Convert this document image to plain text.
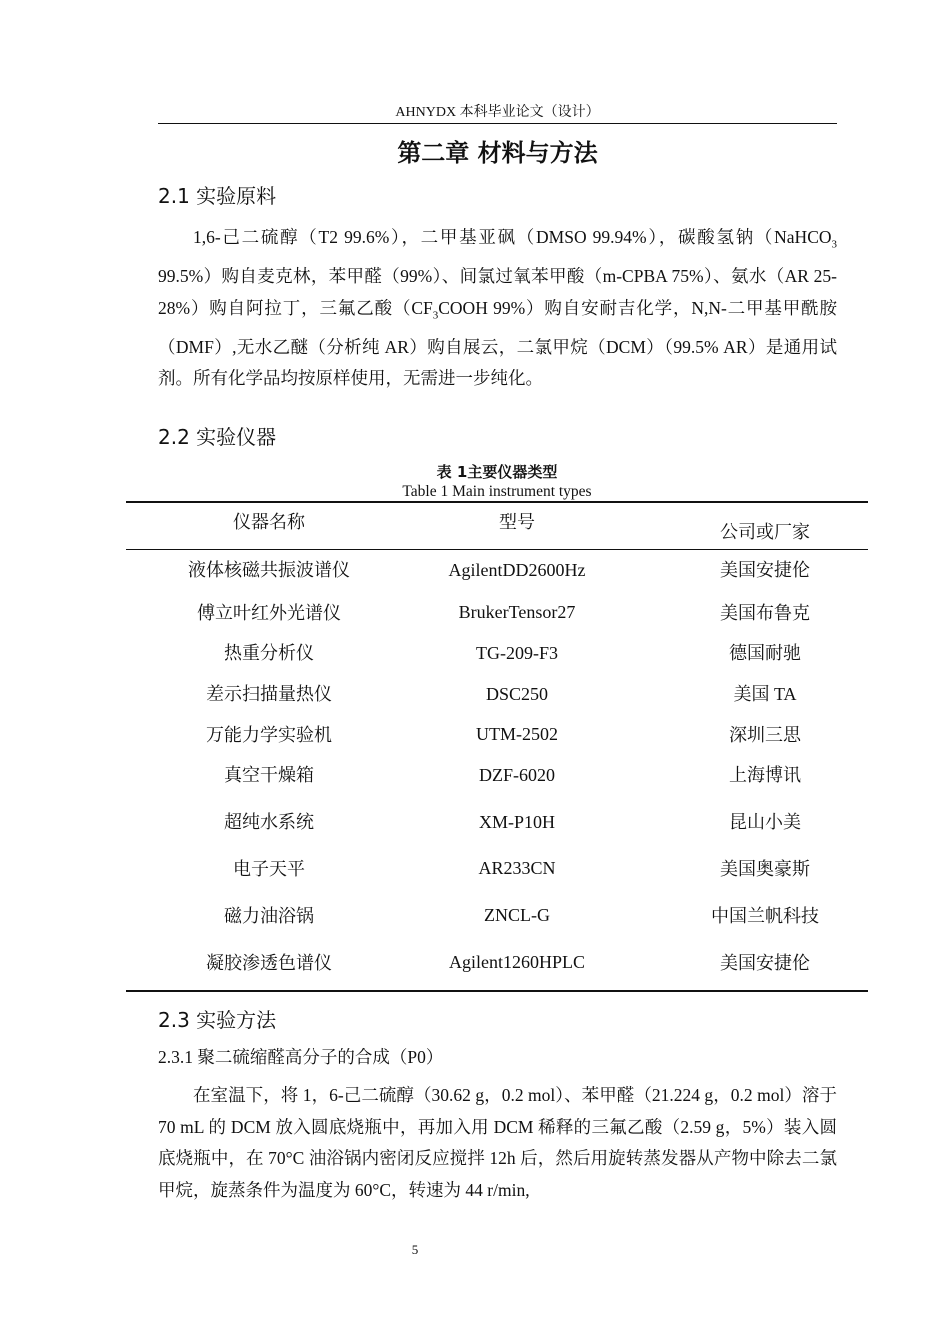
AHNYDX 本科毕业论文（设计）
第二章 材料与方法
2.1 实验原料

1,6-己二硫醇（T2 99.6%），二甲基亚砜（DMSO 99.94%），碳酸氢钠（NaHCO$_3$ 99.5%）购自麦克林，苯甲醛（99%）、间氯过氧苯甲酸（m-CPBA 75%）、氨水（AR 25-28%）购自阿拉丁，三氟乙酸（$CF_3COOH$ 99%）购自安耐吉化学，N,N-二甲基甲酰胺（DMF）,无水乙醚（分析纯 AR）购自展云，二氯甲烷（DCM）（99.5% AR）是通用试剂。所有化学品均按原样使用，无需进一步纯化。

2.2 实验仪器
表 1主要仪器类型
Table 1 Main instrument types
仪器名称	型号	公司或厂家
液体核磁共振波谱仪	AgilentDD2600Hz	美国安捷伦
傅立叶红外光谱仪	BrukerTensor27	美国布鲁克
热重分析仪	TG-209-F3	德国耐驰
差示扫描量热仪	DSC250	美国 TA
万能力学实验机	UTM-2502	深圳三思
真空干燥箱	DZF-6020	上海博讯
超纯水系统	XM-P10H	昆山小美
电子天平	AR233CN	美国奥豪斯
磁力油浴锅	ZNCL-G	中国兰帆科技
凝胶渗透色谱仪	Agilent1260HPLC	美国安捷伦
2.3 实验方法
2.3.1 聚二硫缩醛高分子的合成（P0）

在室温下，将 1，6-己二硫醇（30.62 g，0.2 mol）、苯甲醛（21.224 g，0.2 mol）溶于 70 mL 的 DCM 放入圆底烧瓶中，再加入用 DCM 稀释的三氟乙酸（2.59 g，5%）装入圆底烧瓶中，在 70°C 油浴锅内密闭反应搅拌 12h 后，然后用旋转蒸发器从产物中除去二氯甲烷，旋蒸条件为温度为 60°C，转速为 44 r/min,

5
